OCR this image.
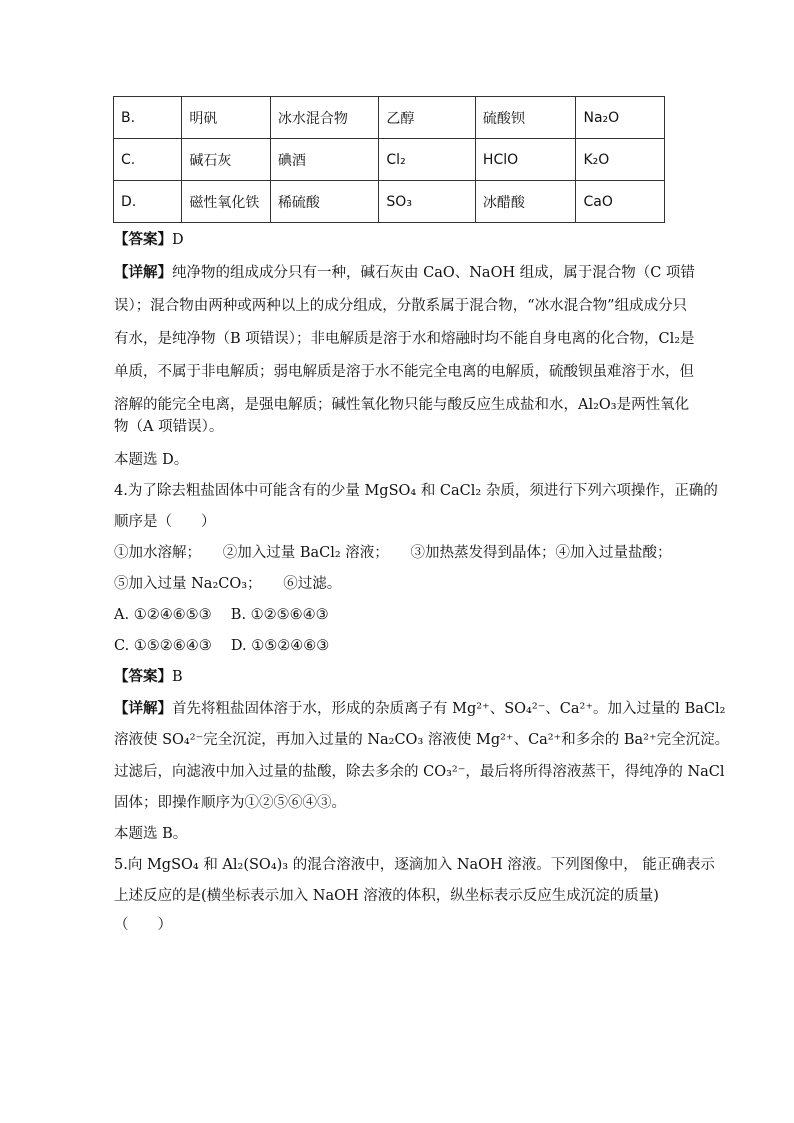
B.	明矾	冰水混合物	乙醇	硫酸钡	Na₂O
C.	碱石灰	碘酒	Cl₂	HClO	K₂O
D.	磁性氧化铁	稀硫酸	SO₃	冰醋酸	CaO
【答案】D
【详解】纯净物的组成成分只有一种，碱石灰由 CaO、NaOH 组成，属于混合物（C 项错
误）；混合物由两种或两种以上的成分组成，分散系属于混合物，“冰水混合物”组成成分只
有水，是纯净物（B 项错误）；非电解质是溶于水和熔融时均不能自身电离的化合物，Cl₂是
单质，不属于非电解质；弱电解质是溶于水不能完全电离的电解质，硫酸钡虽难溶于水，但
溶解的能完全电离，是强电解质；碱性氧化物只能与酸反应生成盐和水，Al₂O₃是两性氧化
物（A 项错误）。
本题选 D。
4.为了除去粗盐固体中可能含有的少量 MgSO₄ 和 CaCl₂ 杂质，须进行下列六项操作，正确的
顺序是（　　）
①加水溶解；　　②加入过量 BaCl₂ 溶液；　　③加热蒸发得到晶体；④加入过量盐酸；
⑤加入过量 Na₂CO₃；　　⑥过滤。
A. ①②④⑥⑤③　 B. ①②⑤⑥④③
C. ①⑤②⑥④③　 D. ①⑤②④⑥③
【答案】B
【详解】首先将粗盐固体溶于水，形成的杂质离子有 Mg²⁺、SO₄²⁻、Ca²⁺。加入过量的 BaCl₂
溶液使 SO₄²⁻完全沉淀，再加入过量的 Na₂CO₃ 溶液使 Mg²⁺、Ca²⁺和多余的 Ba²⁺完全沉淀。
过滤后，向滤液中加入过量的盐酸，除去多余的 CO₃²⁻，最后将所得溶液蒸干，得纯净的 NaCl
固体；即操作顺序为①②⑤⑥④③。
本题选 B。
5.向 MgSO₄ 和 Al₂(SO₄)₃ 的混合溶液中，逐滴加入 NaOH 溶液。下列图像中， 能正确表示
上述反应的是(横坐标表示加入 NaOH 溶液的体积，纵坐标表示反应生成沉淀的质量)
（　　）
